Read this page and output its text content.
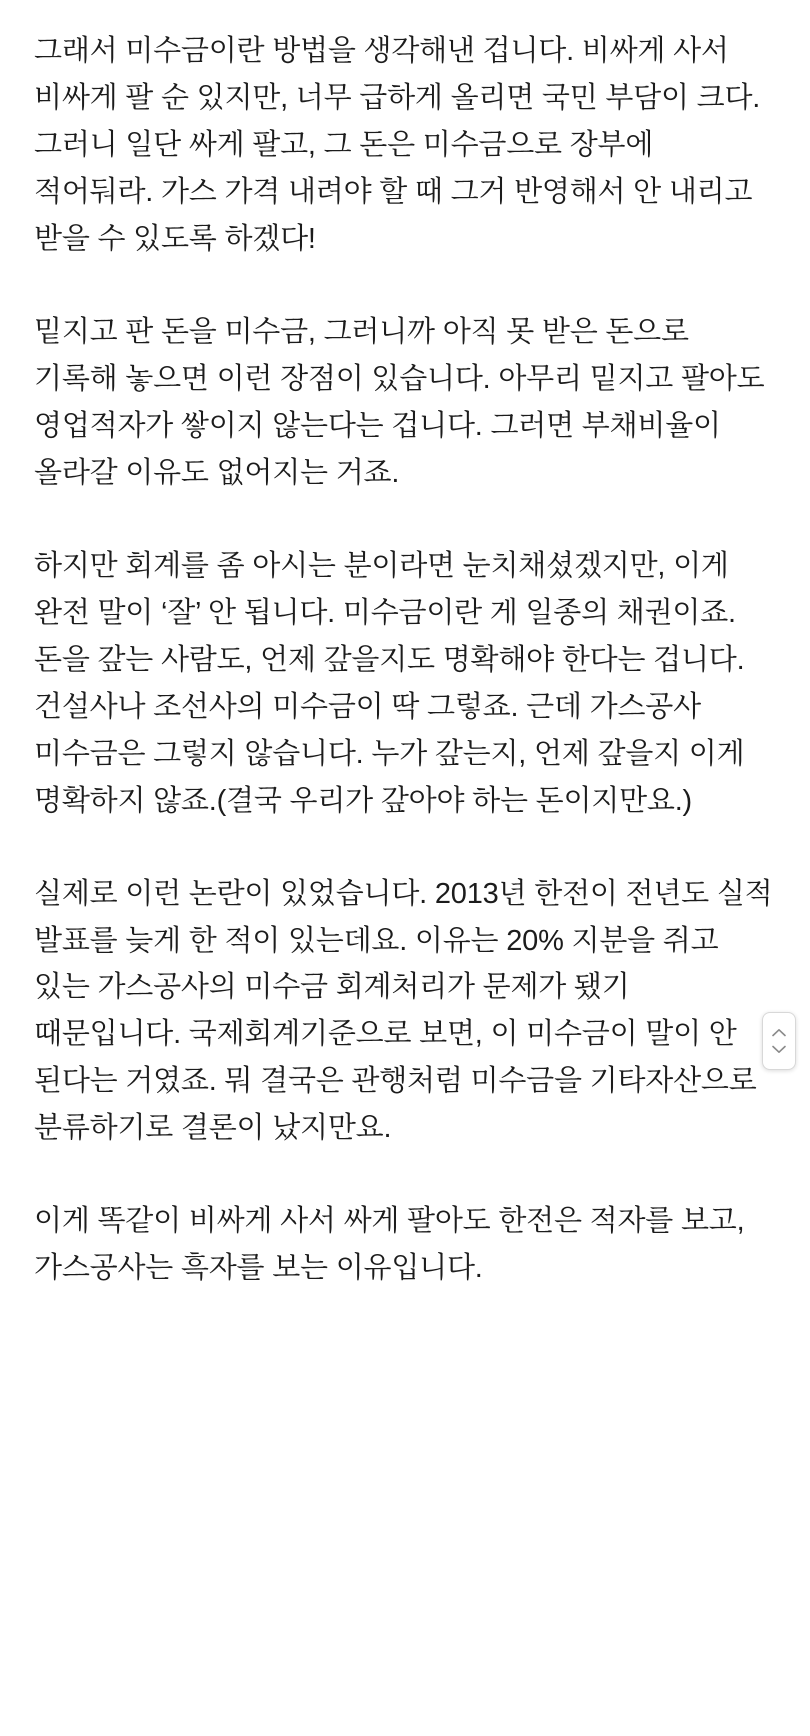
그래서 미수금이란 방법을 생각해낸 겁니다. 비싸게 사서 비싸게 팔 순 있지만, 너무 급하게 올리면 국민 부담이 크다. 그러니 일단 싸게 팔고, 그 돈은 미수금으로 장부에 적어둬라. 가스 가격 내려야 할 때 그거 반영해서 안 내리고 받을 수 있도록 하겠다!

밑지고 판 돈을 미수금, 그러니까 아직 못 받은 돈으로 기록해 놓으면 이런 장점이 있습니다. 아무리 밑지고 팔아도 영업적자가 쌓이지 않는다는 겁니다. 그러면 부채비율이 올라갈 이유도 없어지는 거죠.

하지만 회계를 좀 아시는 분이라면 눈치채셨겠지만, 이게 완전 말이 ‘잘’ 안 됩니다. 미수금이란 게 일종의 채권이죠. 돈을 갚는 사람도, 언제 갚을지도 명확해야 한다는 겁니다. 건설사나 조선사의 미수금이 딱 그렇죠. 근데 가스공사 미수금은 그렇지 않습니다. 누가 갚는지, 언제 갚을지 이게 명확하지 않죠.(결국 우리가 갚아야 하는 돈이지만요.)

실제로 이런 논란이 있었습니다. 2013년 한전이 전년도 실적 발표를 늦게 한 적이 있는데요. 이유는 20% 지분을 쥐고 있는 가스공사의 미수금 회계처리가 문제가 됐기 때문입니다. 국제회계기준으로 보면, 이 미수금이 말이 안 된다는 거였죠. 뭐 결국은 관행처럼 미수금을 기타자산으로 분류하기로 결론이 났지만요.

이게 똑같이 비싸게 사서 싸게 팔아도 한전은 적자를 보고, 가스공사는 흑자를 보는 이유입니다.
